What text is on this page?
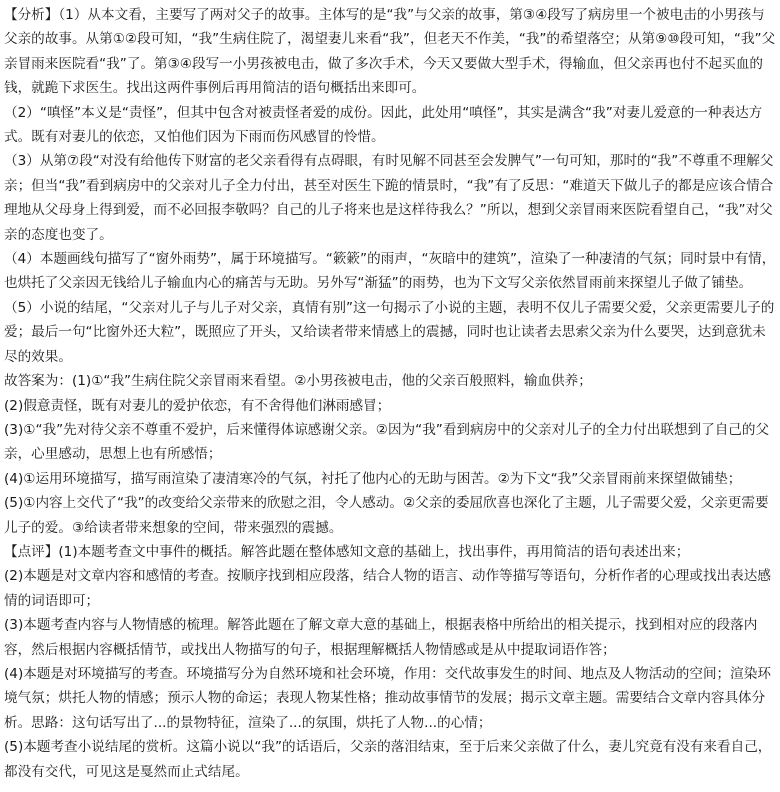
【分析】（1）从本文看，主要写了两对父子的故事。主体写的是“我”与父亲的故事，第③④段写了病房里一个被电击的小男孩与父亲的故事。从第①②段可知，“我”生病住院了，渴望妻儿来看“我”，但老天不作美，“我”的希望落空；从第⑨⑩段可知，“我”父亲冒雨来医院看“我”了。第③④段写一小男孩被电击，做了多次手术，今天又要做大型手术，得输血，但父亲再也付不起买血的钱，就跪下求医生。找出这两件事例后再用简洁的语句概括出来即可。

（2）“嗔怪”本义是“责怪”，但其中包含对被责怪者爱的成份。因此，此处用“嗔怪”，其实是满含“我”对妻儿爱意的一种表达方式。既有对妻儿的依恋，又怕他们因为下雨而伤风感冒的怜惜。

（3）从第⑦段“对没有给他传下财富的老父亲看得有点碍眼，有时见解不同甚至会发脾气”一句可知，那时的“我”不尊重不理解父亲；但当“我”看到病房中的父亲对儿子全力付出，甚至对医生下跪的情景时，“我”有了反思：“难道天下做儿子的都是应该合情合理地从父母身上得到爱，而不必回报李敬吗？自己的儿子将来也是这样待我么？”所以，想到父亲冒雨来医院看望自己，“我”对父亲的态度也变了。

（4）本题画线句描写了“窗外雨势”，属于环境描写。“簌簌”的雨声，“灰暗中的建筑”，渲染了一种凄清的气氛；同时景中有情，也烘托了父亲因无钱给儿子输血内心的痛苦与无助。另外写“渐猛”的雨势，也为下文写父亲依然冒雨前来探望儿子做了铺垫。

（5）小说的结尾，“父亲对儿子与儿子对父亲，真情有别”这一句揭示了小说的主题，表明不仅儿子需要父爱，父亲更需要儿子的爱；最后一句“比窗外还大粒”，既照应了开头，又给读者带来情感上的震撼，同时也让读者去思索父亲为什么要哭，达到意犹未尽的效果。

故答案为：(1)①“我”生病住院父亲冒雨来看望。②小男孩被电击，他的父亲百般照料，输血供养；

(2)假意责怪，既有对妻儿的爱护依恋，有不舍得他们淋雨感冒；

(3)①“我”先对待父亲不尊重不爱护，后来懂得体谅感谢父亲。②因为“我”看到病房中的父亲对儿子的全力付出联想到了自己的父亲，心里感动，思想上也有所感悟；

(4)①运用环境描写，描写雨渲染了凄清寒冷的气氛，衬托了他内心的无助与困苦。②为下文“我”父亲冒雨前来探望做铺垫；

(5)①内容上交代了“我”的改变给父亲带来的欣慰之泪，令人感动。②父亲的委屈欣喜也深化了主题，儿子需要父爱，父亲更需要儿子的爱。③给读者带来想象的空间，带来强烈的震撼。

【点评】(1)本题考查文中事件的概括。解答此题在整体感知文意的基础上，找出事件，再用简洁的语句表述出来；

(2)本题是对文章内容和感情的考查。按顺序找到相应段落，结合人物的语言、动作等描写等语句，分析作者的心理或找出表达感情的词语即可；

(3)本题考查内容与人物情感的梳理。解答此题在了解文章大意的基础上，根据表格中所给出的相关提示，找到相对应的段落内容，然后根据内容概括情节，或找出人物描写的句子，根据理解概括人物情感或是从中提取词语作答；

(4)本题是对环境描写的考查。环境描写分为自然环境和社会环境，作用：交代故事发生的时间、地点及人物活动的空间；渲染环境气氛；烘托人物的情感；预示人物的命运；表现人物某性格；推动故事情节的发展；揭示文章主题。需要结合文章内容具体分析。思路：这句话写出了...的景物特征，渲染了...的氛围，烘托了人物...的心情；

(5)本题考查小说结尾的赏析。这篇小说以“我”的话语后，父亲的落泪结束，至于后来父亲做了什么，妻儿究竟有没有来看自己，都没有交代，可见这是戛然而止式结尾。
